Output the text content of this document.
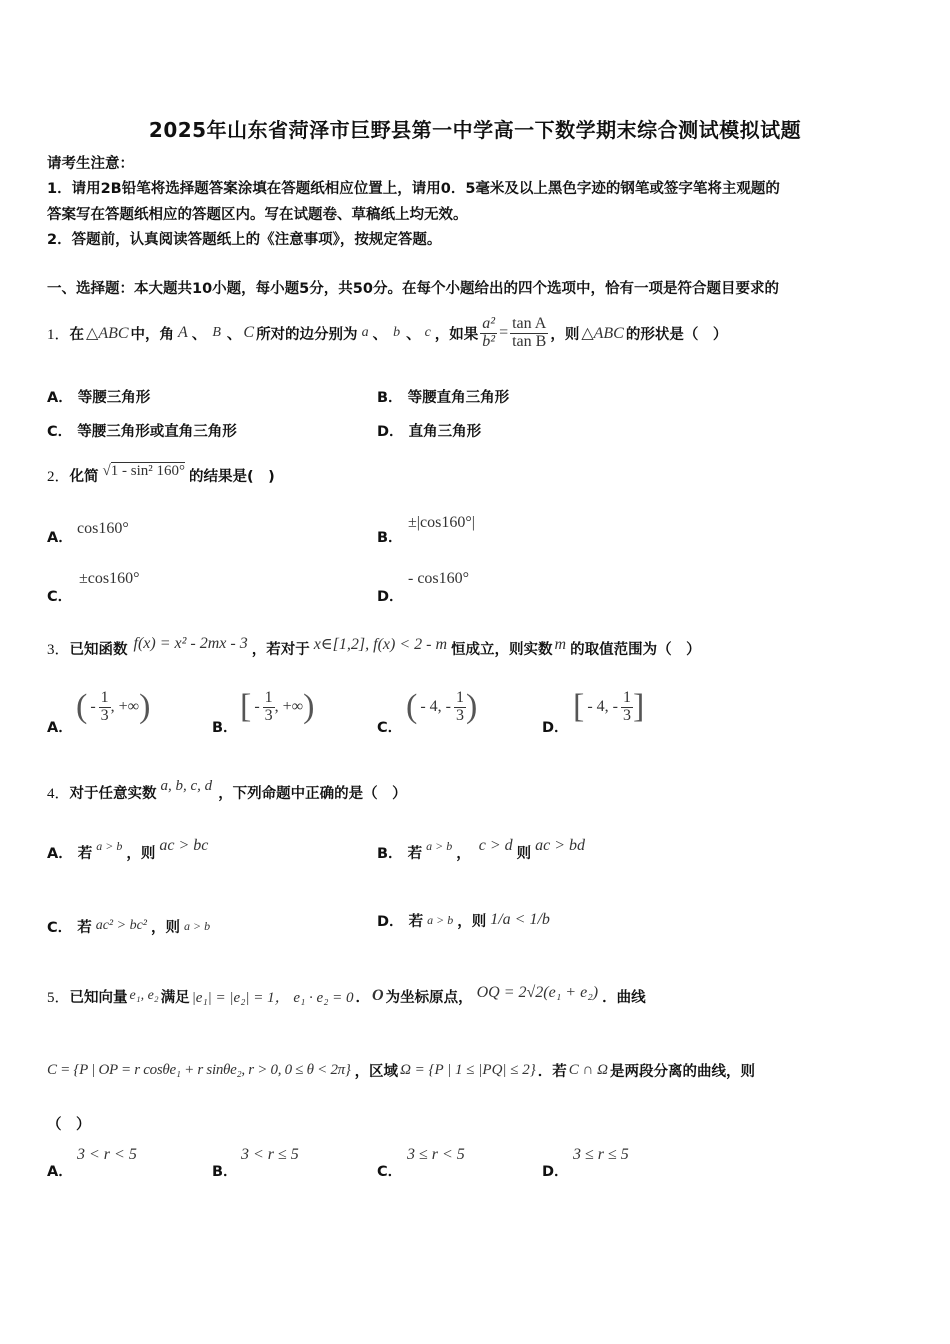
2025年山东省菏泽市巨野县第一中学高一下数学期末综合测试模拟试题
请考生注意：
1．请用2B铅笔将选择题答案涂填在答题纸相应位置上，请用0．5毫米及以上黑色字迹的钢笔或签字笔将主观题的
答案写在答题纸相应的答题区内。写在试题卷、草稿纸上均无效。
2．答题前，认真阅读答题纸上的《注意事项》，按规定答题。
一、选择题：本大题共10小题，每小题5分，共50分。在每个小题给出的四个选项中，恰有一项是符合题目要求的
1． 在 △ABC 中，角 A 、 B 、 C 所对的边分别为 a 、 b 、 c ，如果 $\frac{\text{a²}}{\text{b²}} = \frac{\text{tan A}}{\text{tan B}}$ ，则 △ABC 的形状是（　）
A． 等腰三角形	B． 等腰直角三角形
C． 等腰三角形或直角三角形	D． 直角三角形
2． 化简 √1 - sin² 160° 的结果是(　)
A．
cos160°
B．
±|cos160°|
C．
±cos160°
D．
- cos160°
3． 已知函数 f(x) = x² - 2mx - 3 ，若对于 x∈[1,2], f(x) < 2 - m 恒成立，则实数 m 的取值范围为（　）
A．
( - $\frac{1}{3}$ , +∞ )
B．
[ - $\frac{1}{3}$ , +∞ )
C．
( - 4, - $\frac{1}{3}$ )
D．
[ - 4, - $\frac{1}{3}$ ]
4． 对于任意实数 a, b, c, d ，下列命题中正确的是（　）
A．
若 a > b ，则 ac > bc	B．
若 a > b ， c > d 则 ac > bd
C．
若 ac² > bc² ，则 a > b	D．
若 a > b ，则 1/a < 1/b
5． 已知向量 e₁, e₂ 满足 |e₁| = |e₂| = 1， e₁ · e₂ = 0 ． O 为坐标原点， OQ = 2√2(e₁ + e₂) ．曲线
C = {P | OP = r cosθe₁ + r sinθe₂, r > 0, 0 ≤ θ < 2π} ，区域 Ω = {P | 1 ≤ |PQ| ≤ 2} ．若 C ∩ Ω 是两段分离的曲线，则
（　）
A．
3 < r < 5
B．
3 < r ≤ 5
C．
3 ≤ r < 5
D．
3 ≤ r ≤ 5
